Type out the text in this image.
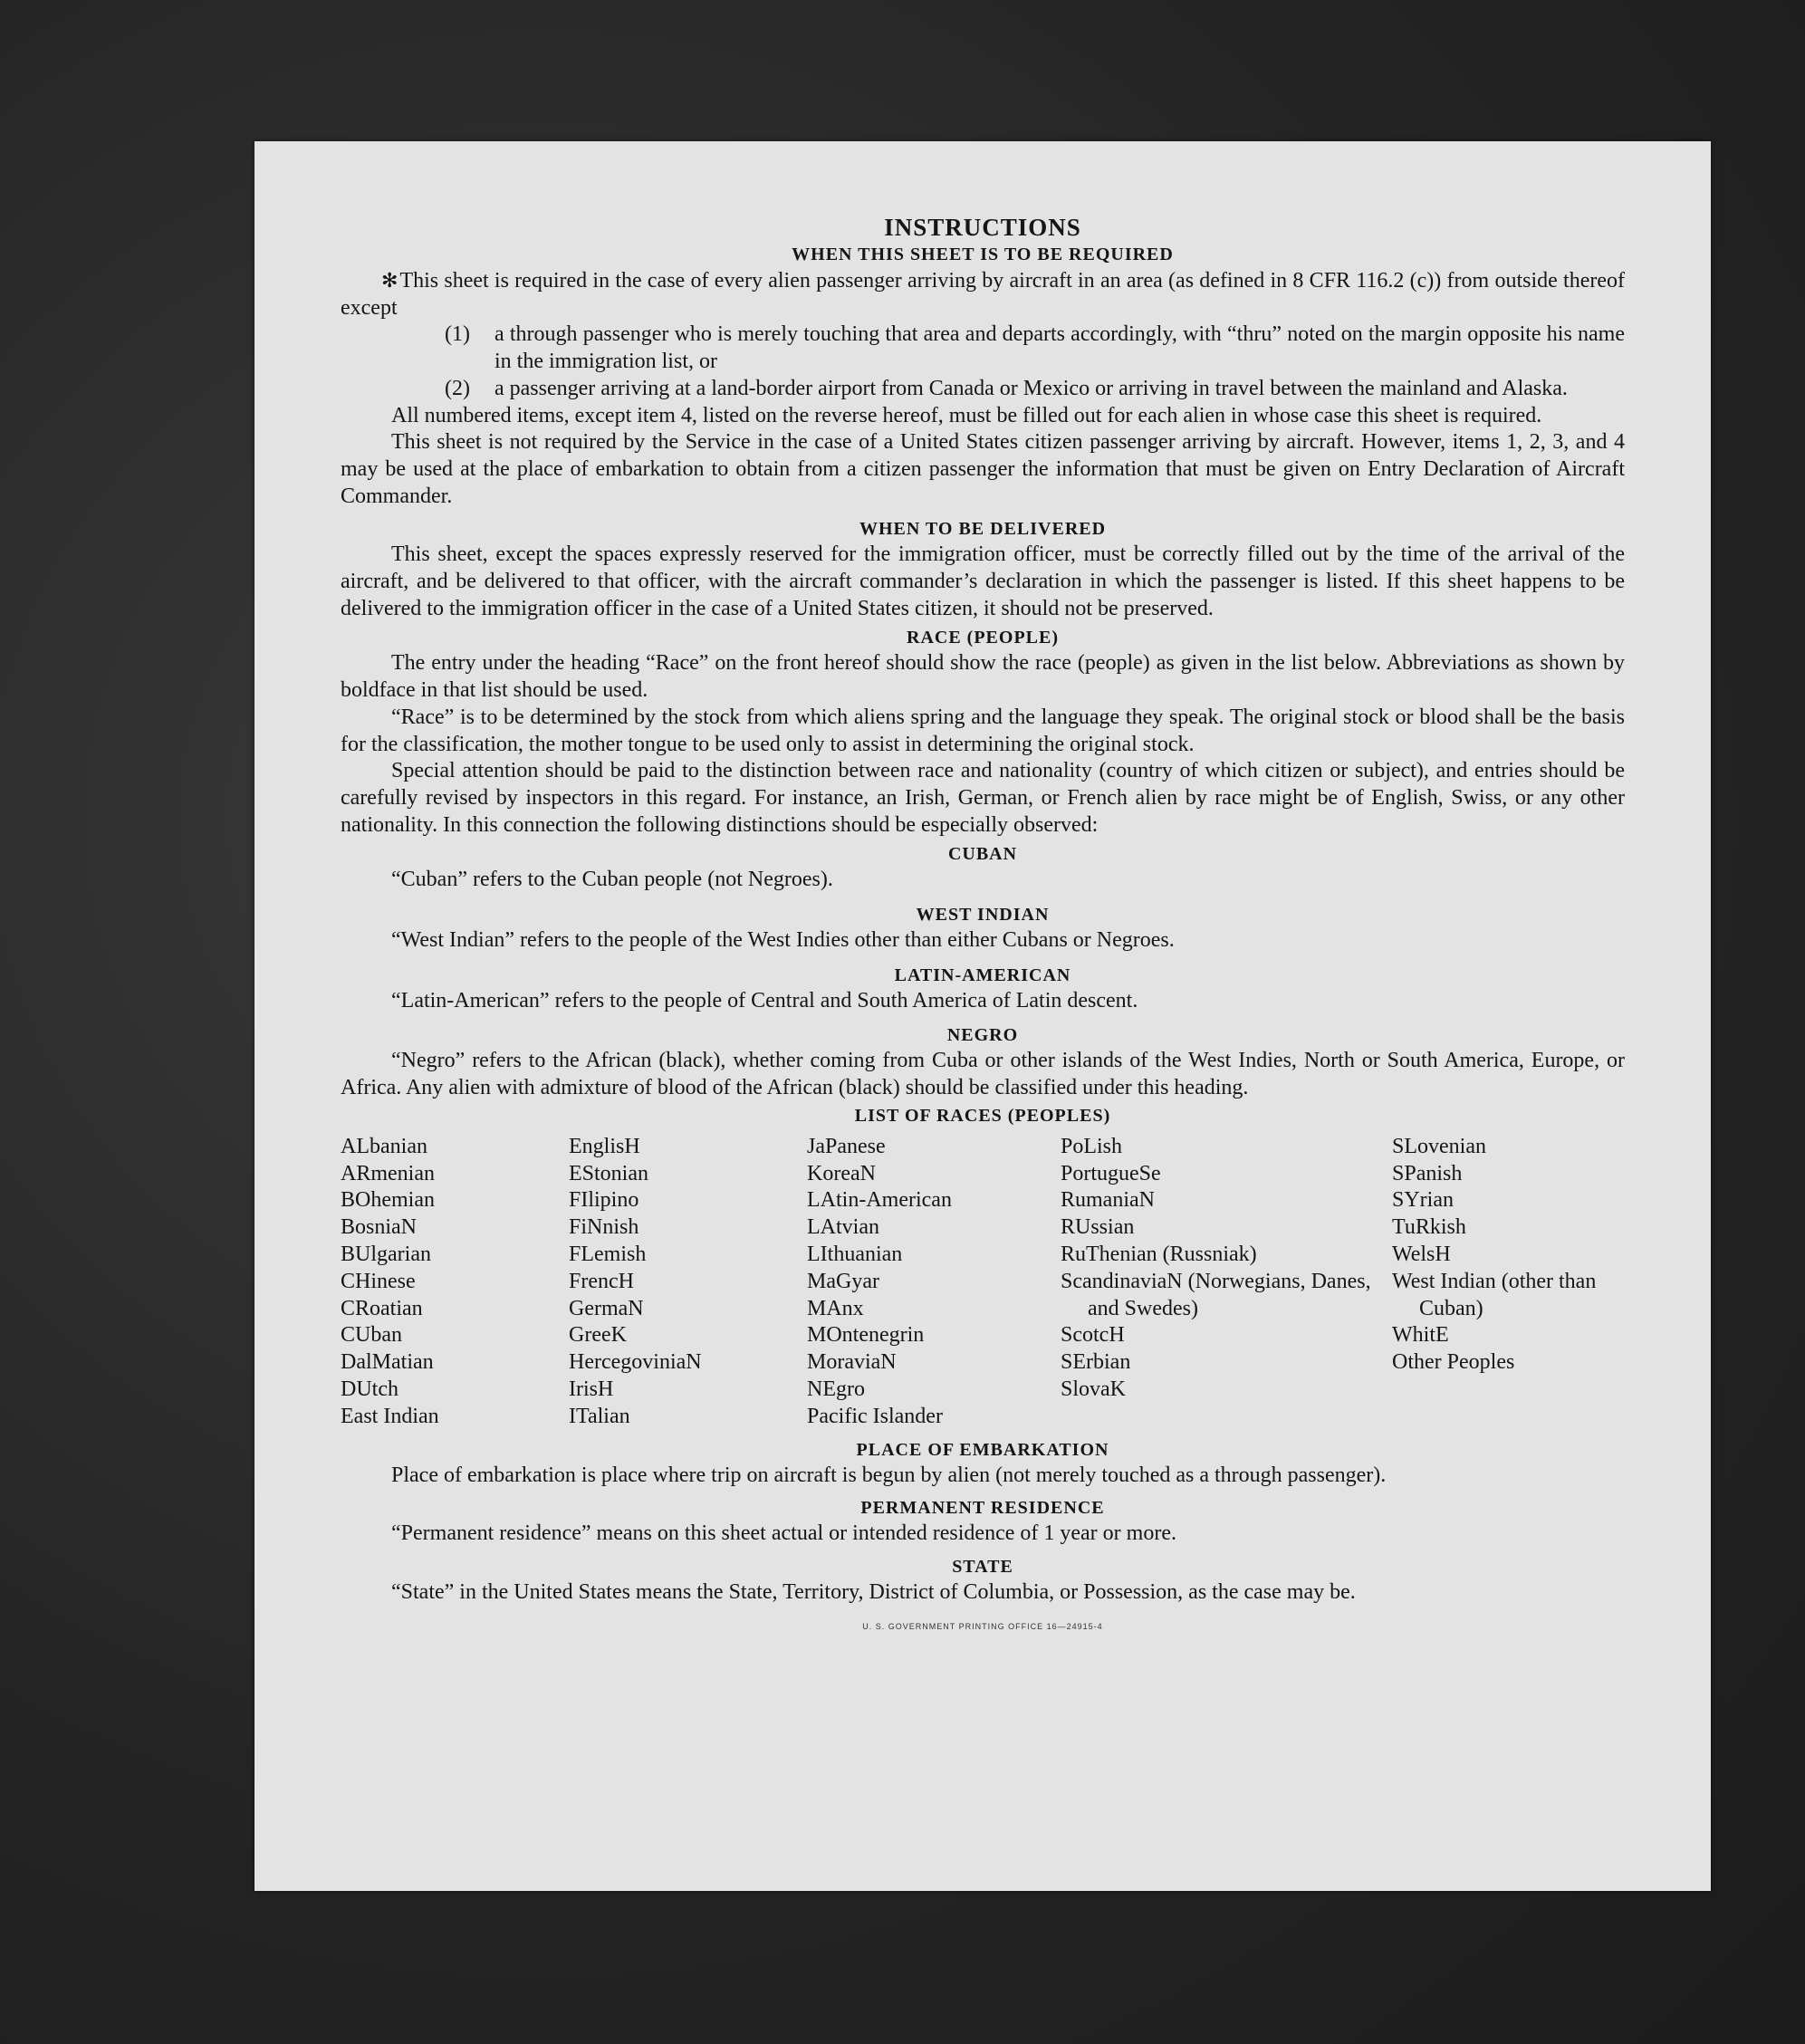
INSTRUCTIONS
WHEN THIS SHEET IS TO BE REQUIRED

✻This sheet is required in the case of every alien passenger arriving by aircraft in an area (as defined in 8 CFR 116.2 (c)) from outside thereof except

(1) a through passenger who is merely touching that area and departs accordingly, with “thru” noted on the margin opposite his name in the immigration list, or

(2) a passenger arriving at a land-border airport from Canada or Mexico or arriving in travel between the mainland and Alaska.

All numbered items, except item 4, listed on the reverse hereof, must be filled out for each alien in whose case this sheet is required.

This sheet is not required by the Service in the case of a United States citizen passenger arriving by aircraft. However, items 1, 2, 3, and 4 may be used at the place of embarkation to obtain from a citizen passenger the information that must be given on Entry Declaration of Aircraft Commander.

WHEN TO BE DELIVERED

This sheet, except the spaces expressly reserved for the immigration officer, must be correctly filled out by the time of the arrival of the aircraft, and be delivered to that officer, with the aircraft commander’s declaration in which the passenger is listed. If this sheet happens to be delivered to the immigration officer in the case of a United States citizen, it should not be preserved.

RACE (PEOPLE)

The entry under the heading “Race” on the front hereof should show the race (people) as given in the list below. Abbreviations as shown by boldface in that list should be used.

“Race” is to be determined by the stock from which aliens spring and the language they speak. The original stock or blood shall be the basis for the classification, the mother tongue to be used only to assist in determining the original stock.

Special attention should be paid to the distinction between race and nationality (country of which citizen or subject), and entries should be carefully revised by inspectors in this regard. For instance, an Irish, German, or French alien by race might be of English, Swiss, or any other nationality. In this connection the following distinctions should be especially observed:

CUBAN

“Cuban” refers to the Cuban people (not Negroes).

WEST INDIAN

“West Indian” refers to the people of the West Indies other than either Cubans or Negroes.

LATIN-AMERICAN

“Latin-American” refers to the people of Central and South America of Latin descent.

NEGRO

“Negro” refers to the African (black), whether coming from Cuba or other islands of the West Indies, North or South America, Europe, or Africa. Any alien with admixture of blood of the African (black) should be classified under this heading.

LIST OF RACES (PEOPLES)
ALbanian
ARmenian
BOhemian
BosniaN
BUlgarian
CHinese
CRoatian
CUban
DalMatian
DUtch
East Indian
EnglisH
EStonian
FIlipino
FiNnish
FLemish
FrencH
GermaN
GreeK
HercegoviniaN
IrisH
ITalian
JaPanese
KoreaN
LAtin-American
LAtvian
LIthuanian
MaGyar
MAnx
MOntenegrin
MoraviaN
NEgro
Pacific Islander
PoLish
PortugueSe
RumaniaN
RUssian
RuThenian (Russniak)
ScandinaviaN (Norwegians, Danes, and Swedes)
ScotcH
SErbian
SlovaK
SLovenian
SPanish
SYrian
TuRkish
WelsH
West Indian (other than Cuban)
WhitE
Other Peoples
PLACE OF EMBARKATION

Place of embarkation is place where trip on aircraft is begun by alien (not merely touched as a through passenger).

PERMANENT RESIDENCE

“Permanent residence” means on this sheet actual or intended residence of 1 year or more.

STATE

“State” in the United States means the State, Territory, District of Columbia, or Possession, as the case may be.

U. S. GOVERNMENT PRINTING OFFICE 16—24915-4
